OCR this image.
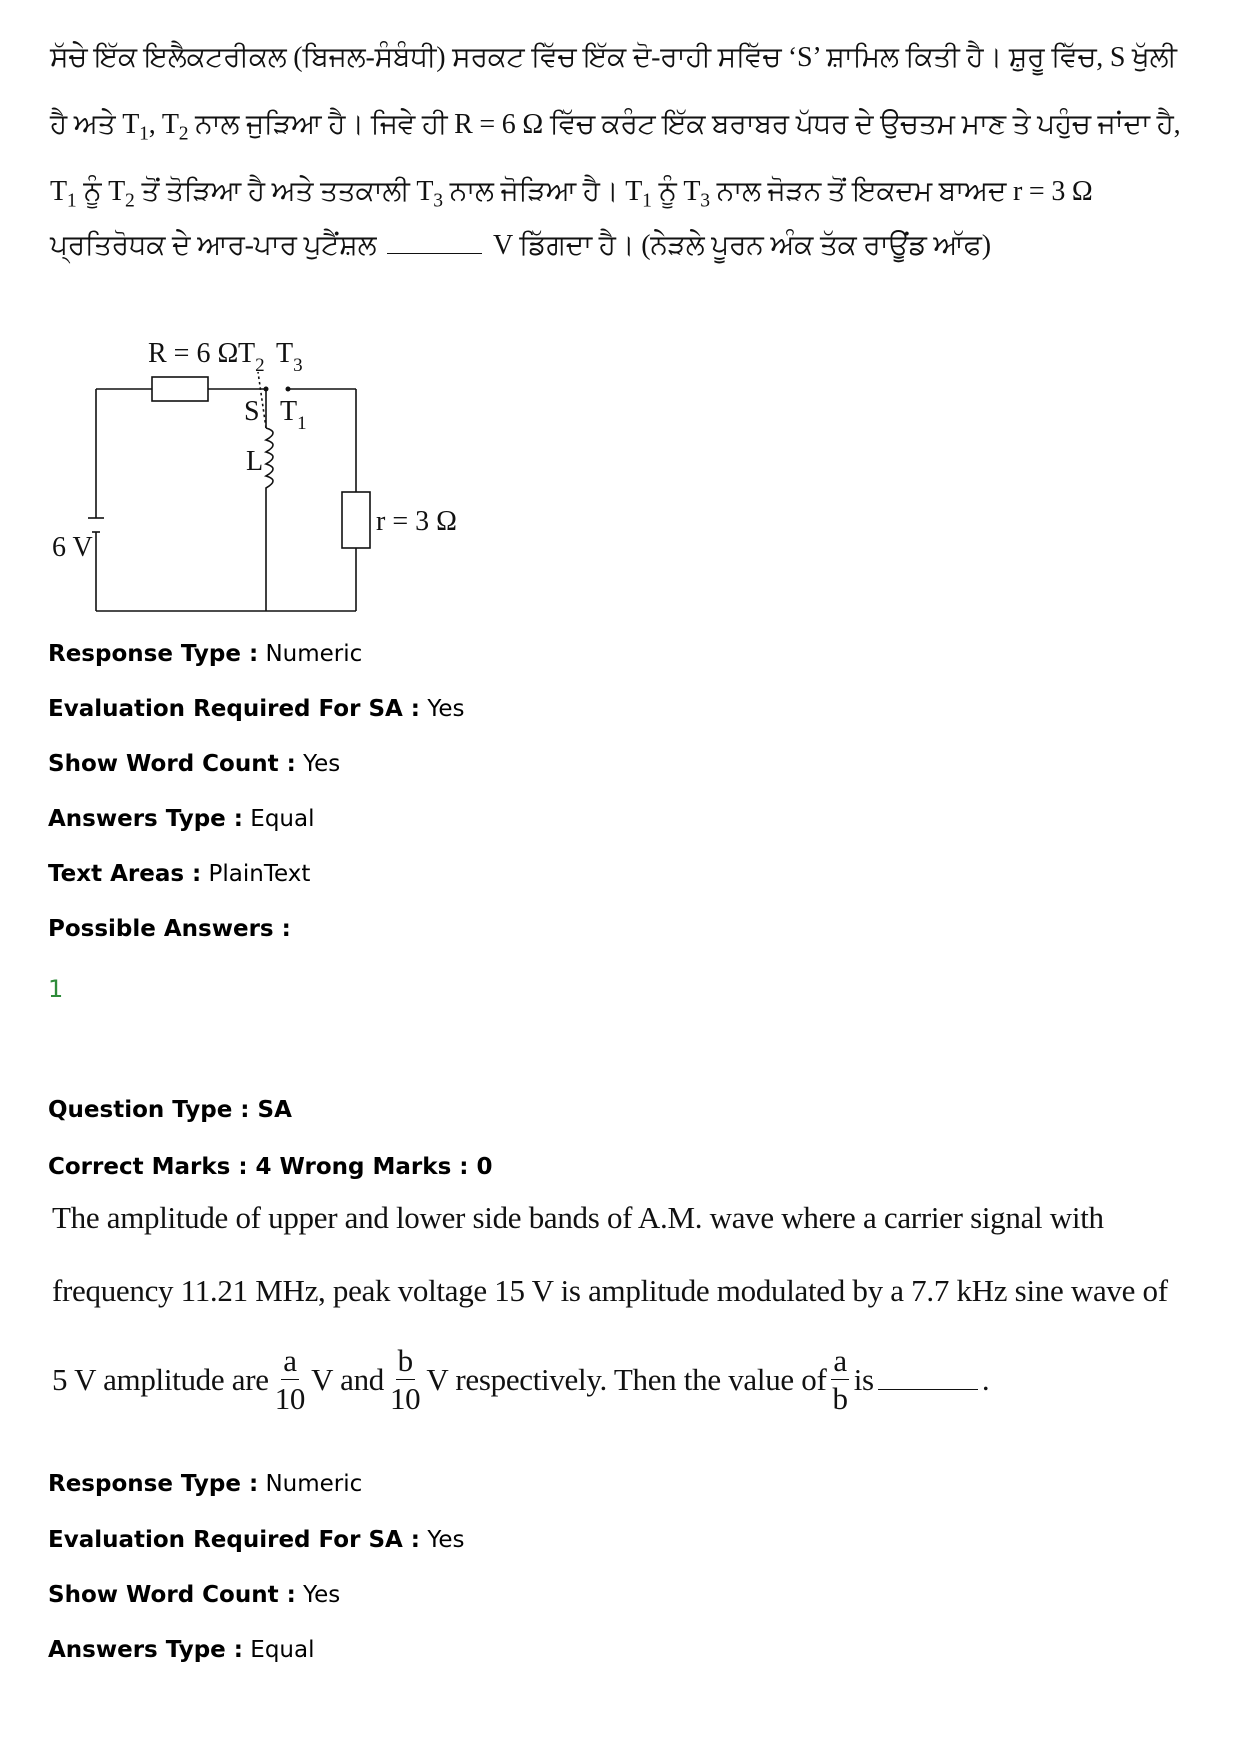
ਸੱਚੇ ਇੱਕ ਇਲੈਕਟਰੀਕਲ (ਬਿਜਲ-ਸੰਬੰਧੀ) ਸਰਕਟ ਵਿੱਚ ਇੱਕ ਦੋ-ਰਾਹੀ ਸਵਿੱਚ ‘S’ ਸ਼ਾਮਿਲ ਕਿਤੀ ਹੈ। ਸ਼ੁਰੂ ਵਿੱਚ, S ਖੁੱਲੀ
ਹੈ ਅਤੇ $T_1$, $T_2$ ਨਾਲ ਜੁੜਿਆ ਹੈ। ਜਿਵੇ ਹੀ R = 6 Ω ਵਿੱਚ ਕਰੰਟ ਇੱਕ ਬਰਾਬਰ ਪੱਧਰ ਦੇ ਉਚਤਮ ਮਾਣ ਤੇ ਪਹੁੰਚ ਜਾਂਦਾ ਹੈ,
$T_1$ ਨੂੰ $T_2$ ਤੋਂ ਤੋੜਿਆ ਹੈ ਅਤੇ ਤਤਕਾਲੀ $T_3$ ਨਾਲ ਜੋੜਿਆ ਹੈ। $T_1$ ਨੂੰ $T_3$ ਨਾਲ ਜੋੜਨ ਤੋਂ ਇਕਦਮ ਬਾਅਦ r = 3 Ω
ਪ੍ਰਤਿਰੋਧਕ ਦੇ ਆਰ-ਪਾਰ ਪੁਟੈਂਸ਼ਲ	V ਡਿੱਗਦਾ ਹੈ। (ਨੇੜਲੇ ਪੂਰਨ ਅੰਕ ਤੱਕ ਰਾਊਂਡ ਆੱਫ)
R = 6 Ω $T_2$ $T_3$
S $T_1$
L
r = 3 Ω
6 V
Response Type : Numeric
Evaluation Required For SA : Yes
Show Word Count : Yes
Answers Type : Equal
Text Areas : PlainText
Possible Answers :
1
Question Type : SA
Correct Marks : 4 Wrong Marks : 0
The amplitude of upper and lower side bands of A.M. wave where a carrier signal with
frequency 11.21 MHz, peak voltage 15 V is amplitude modulated by a 7.7 kHz sine wave of
5 V amplitude are $\frac{a}{10}$ V and $\frac{b}{10}$ V respectively. Then the value of $\frac{a}{b}$ is	.
Response Type : Numeric
Evaluation Required For SA : Yes
Show Word Count : Yes
Answers Type : Equal
